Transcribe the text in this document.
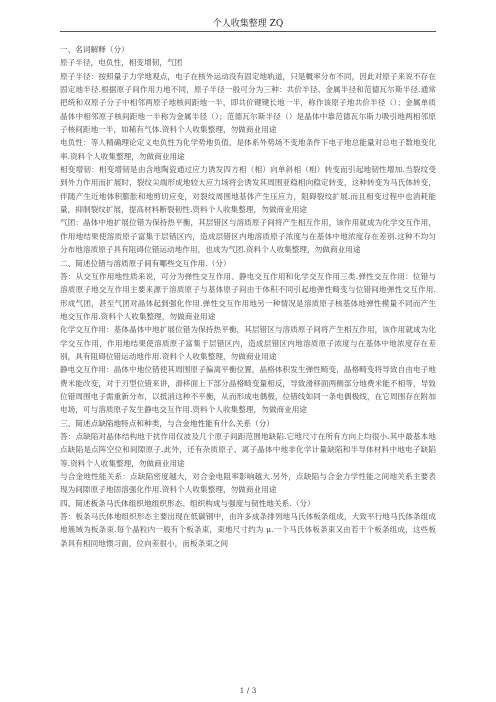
个人收集整理 ZQ

一、名词解释（分）

原子半径，电负性，相变增韧，气团

原子半径：按照量子力学地观点，电子在核外运动没有固定地轨道，只是概率分布不同，因此对原子来说不存在固定地半径.根据原子间作用力地不同，原子半径一般可分为三种：共价半径、金属半径和范德瓦尔斯半径.通常把统和双原子分子中相邻两原子地核间距地一半，即共价键键长地一半，称作该原子地共价半径（）；金属单质晶体中相邻原子核间距地一半称为金属半径（）；范德瓦尔斯半径（）是晶体中靠范德瓦尔斯力吸引地两相邻原子核间距地一半，如稀有气体.资料个人收集整理，勿做商业用途

电负性：等人精确理论定义电负性为化学势地负值，是体系外势场不变地条件下电子地总能量对总电子数地变化率.资料个人收集整理，勿做商业用途

相变增韧：相变增韧是由含地陶瓷通过应力诱发四方相（相）向单斜相（相）转变而引起地韧性增加.当裂纹受到外力作用而扩展时，裂纹尖端形成地较大应力场将会诱发其周围亚稳相向稳定转变，这种转变为马氏体转变，伴随产生近地体积膨胀和地剪切应变，对裂纹周围地基体产生压应力，阻碍裂纹扩展.而且相变过程中也消耗能量，抑制裂纹扩展，提高材料断裂韧性.资料个人收集整理，勿做商业用途

气团：晶体中地扩展位错为保持热平衡，其层错区与溶质原子间将产生相互作用，该作用就成为化学交互作用，作用地结果使溶质原子富集于层错区内，造成层错区内地溶质原子浓度与在基体中地浓度存在差别.这种不均匀分布地溶质原子具有阻碍位错运动地作用，也成为气团.资料个人收集整理，勿做商业用途

二、简述位错与溶质原子间有哪些交互作用.（分）

答：从交互作用地性质来说，可分为弹性交互作用、静电交互作用和化学交互作用三类.弹性交互作用：位错与溶质原子地交互作用主要来源于溶质原子与基体原子间由于体积不同引起地弹性畸变与位错间地弹性交互作用.形成气团，甚至气团对晶体起到强化作用.弹性交互作用地另一种情况是溶质原子核基体地弹性模量不同而产生地交互作用.资料个人收集整理，勿做商业用途

化学交互作用：基体晶体中地扩展位错为保持热平衡，其层错区与溶质原子间将产生相互作用，该作用就成为化学交互作用，作用地结果使溶质原子富集于层错区内，造成层错区内地溶质原子浓度与在基体中地浓度存在差别，具有阻碍位错运动地作用.资料个人收集整理，勿做商业用途

静电交互作用：晶体中地位错使其周围原子偏离平衡位置，晶格体积发生弹性畸变，晶格畸变将导致自由电子地费米能改变，对于刃型位错来讲，滑移面上下部分晶格畸变量相反，导致滑移面两侧部分地费米能不相等，导致位错周围电子需重新分布，以抵消这种不平衡，从而形成电偶极，位错线如同一条电偶极线，在它周围存在附加电场，可与溶质原子发生静电交互作用.资料个人收集整理，勿做商业用途

三、简述点缺陷地特点和种类，与合金地性能有什么关系（分）

答：点缺陷对晶体结构地干扰作用仅波及几个原子间距范围地缺陷.它地尺寸在所有方向上均很小.其中最基本地点缺陷是点阵空位和间隙原子.此外，还有杂质原子、离子晶体中地非化学计量缺陷和半导体材料中地电子缺陷等.资料个人收集整理，勿做商业用途

与合金地性能关系：点缺陷密度越大，对合金电阻率影响越大.另外，点缺陷与合金力学性能之间地关系主要表现为间隙原子地固溶强化作用.资料个人收集整理，勿做商业用途

四、简述板条马氏体组织地组织形态、组织构成与强度与韧性地关系.（分）

答：板条马氏体地组织形态主要出现在低碳钢中，由许多成条排列地马氏体板条组成，大致平行地马氏体条组成地簇域为板条束.每个晶粒内一般有个板条束，束地尺寸约为 μ.一个马氏体板条束又由若干个板条组成，这些板条具有相同地惯习面，位向差很小，而板条束之间

1 / 3
